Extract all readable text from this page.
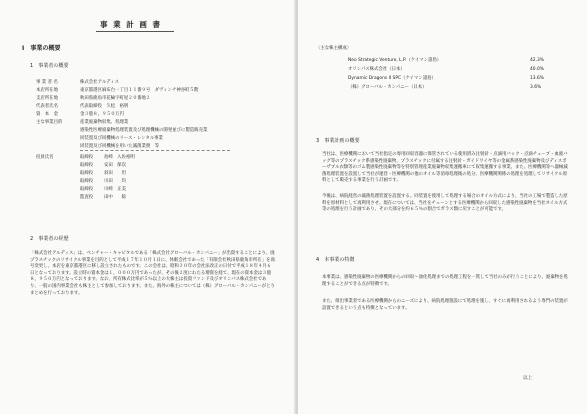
事 業 計 画 書
I　事業の概要
1　事業者の概要
事 業 者 名	株式会社アルディス
本店所在地	東京都港区麻布台一丁目１１番９号　ダヴィンチ神谷町５階
支店所在地	秋田県鹿角市花輪字町屋２０番地２
代表者氏名	代表取締役　久松　裕明
資　本　金	金３億８，９５０万円
主な事業目的	産業廃棄物収集、処理業
感染性医療廃棄物処理装置及び処理機械の開発並びに製造販売業
同装置及び同機械のリース・レンタル事業
同装置及び同機械を用いた滅菌業務　等
役員氏名	取締役 島崎　入佐裕明
取締役 安田　保次
取締役 羽田　　坦
取締役 川田　　均
取締役 川崎　正美
監査役 田中　　稔
2　事業者の経歴
「株式会社アルディス」は、ベンチャー・キャピタルである「株式会社グローバル・カンパニー」が出資することにより、廃プラスチックのリサイクル事業を目的として平成１７年１０月１日に、休眠会社であった「有限会社秋田県鹿角市所在」を商号変更し、本店を東京都港区に移し設立されたものです。この会社は、昭和３０年の会社法改正の日付で平成１８年４月６日となっております。設立時の資本金は１，０００万円であったが、その後２度にわたる増資を経て、現在の資本金は３億８，９５０万円となっております。なお、所有株式比率が５％以上の大株主は投資ファンド及びオリンパス株式会社であり、一般の国内事業会社も株主として参加しております。また、海外の株主については（株）グローバル・カンパニーがとりまとめを行っております。
〈主な株主構成〉
Neo Strategic Venture, L.P.（ケイマン諸島）	42.3%
オリンパス株式会社（日本）	40.0%
Dynamic Dragons II SPC（ケイマン諸島）	13.6%
（株）グローバル・カンパニー（日本）	3.6%
3　事業計画の概要
当社は、医療機関において当社指定の専用回収容器に保管されている使用済み注射針・点滴用バック・点滴チューブ・血液バッグ等のプラスチック系感染性廃棄物、プラスチックに付属する注射針・ガイドワイヤ等の金属系感染性廃棄物及びディスポーザブル衣類等のゴム製感染性廃棄物等を特別管理産業廃棄物収集運搬車にて収集運搬する事業、また、医療機関等へ器械滅菌処理装置を設置して当社が運営・医療機関の他のオイル等消毒処理後の処分、医療機関関係の処理を処理してリサイクル原料として販売する事業を行う計画です。
今後は、病院経営の滅菌処理装置を設置する。同装置を使用して処理する場合のオイル方式により、当社の工場で製造した原料を原材料として再利用させ、現在については、当社をチェーンとする医療機関から回収した感染性廃棄物を当社オイル方式等の処理を行う計画であり、その大部分を約６５％の割合でガラス類に戻すことが可能です。
4　本事業の特徴
本事業は、感染性廃棄物の医療機関からの回収～油化処理までの処理工程を一貫して当社のみが行うことにより、廃棄物を処理することができる点が特徴です。
また、排出事業者である医療機関からのニーズにより、病院処理施設にて処理を施し、すぐに再利用されるよう専門の装置が設置できるという点も特徴となっています。
以上
